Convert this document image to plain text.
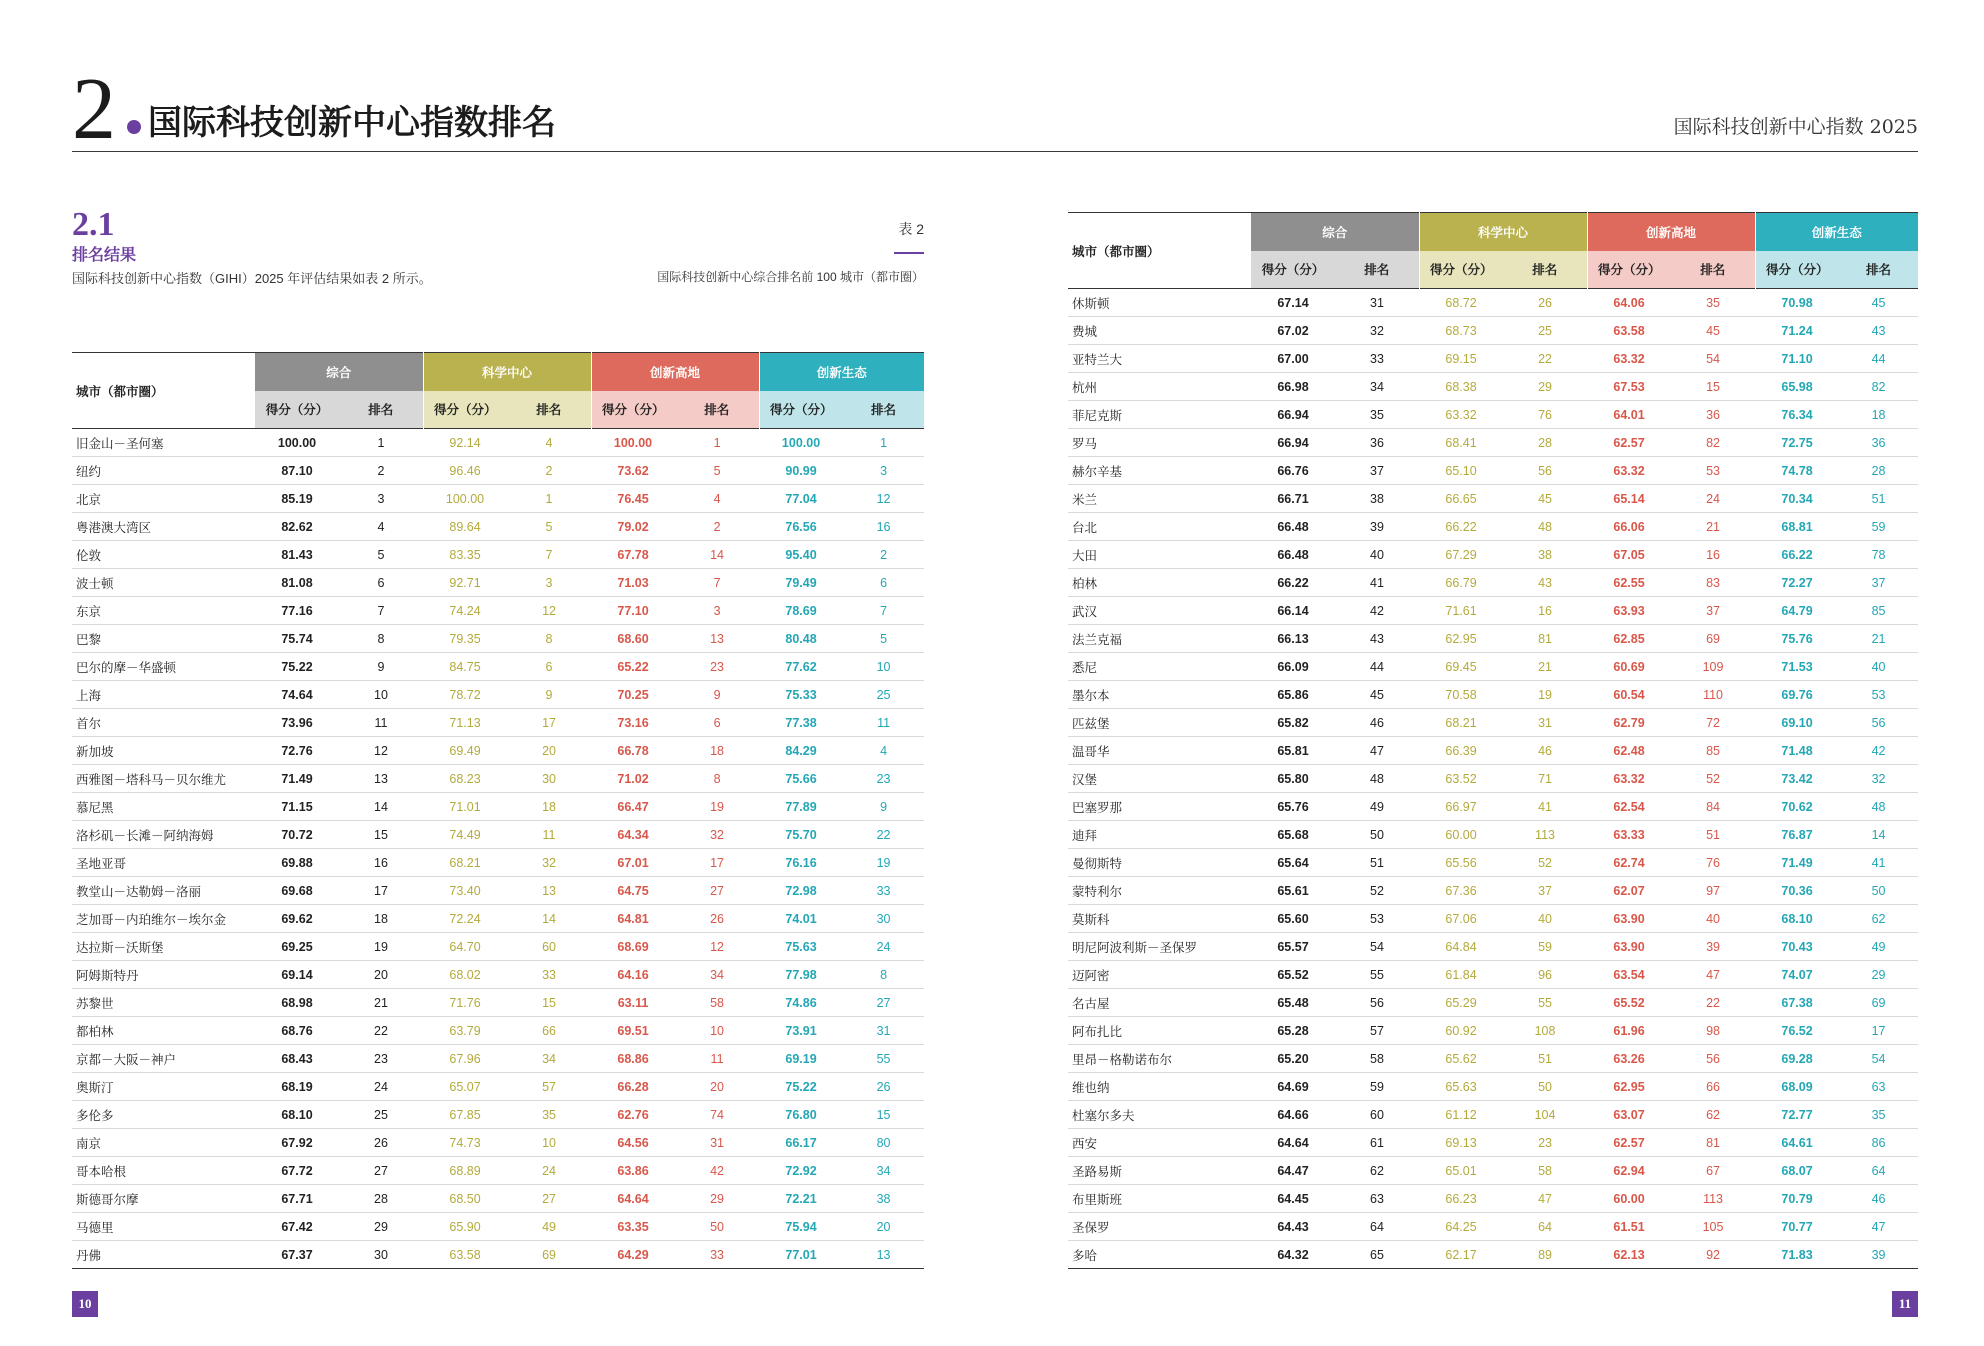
2 国际科技创新中心指数排名	国际科技创新中心指数 2025
2.1
排名结果
国际科技创新中心指数（GIHI）2025 年评估结果如表 2 所示。
表 2
国际科技创新中心综合排名前 100 城市（都市圈）
城市（都市圈）	综合		科学中心		创新高地		创新生态	
	得分（分）	排名	得分（分）	排名	得分（分）	排名	得分（分）	排名
旧金山－圣何塞	100.00	1	92.14	4	100.00	1	100.00	1
纽约	87.10	2	96.46	2	73.62	5	90.99	3
北京	85.19	3	100.00	1	76.45	4	77.04	12
粤港澳大湾区	82.62	4	89.64	5	79.02	2	76.56	16
伦敦	81.43	5	83.35	7	67.78	14	95.40	2
波士顿	81.08	6	92.71	3	71.03	7	79.49	6
东京	77.16	7	74.24	12	77.10	3	78.69	7
巴黎	75.74	8	79.35	8	68.60	13	80.48	5
巴尔的摩－华盛顿	75.22	9	84.75	6	65.22	23	77.62	10
上海	74.64	10	78.72	9	70.25	9	75.33	25
首尔	73.96	11	71.13	17	73.16	6	77.38	11
新加坡	72.76	12	69.49	20	66.78	18	84.29	4
西雅图－塔科马－贝尔维尤	71.49	13	68.23	30	71.02	8	75.66	23
慕尼黑	71.15	14	71.01	18	66.47	19	77.89	9
洛杉矶－长滩－阿纳海姆	70.72	15	74.49	11	64.34	32	75.70	22
圣地亚哥	69.88	16	68.21	32	67.01	17	76.16	19
教堂山－达勒姆－洛丽	69.68	17	73.40	13	64.75	27	72.98	33
芝加哥－内珀维尔－埃尔金	69.62	18	72.24	14	64.81	26	74.01	30
达拉斯－沃斯堡	69.25	19	64.70	60	68.69	12	75.63	24
阿姆斯特丹	69.14	20	68.02	33	64.16	34	77.98	8
苏黎世	68.98	21	71.76	15	63.11	58	74.86	27
都柏林	68.76	22	63.79	66	69.51	10	73.91	31
京都－大阪－神户	68.43	23	67.96	34	68.86	11	69.19	55
奥斯汀	68.19	24	65.07	57	66.28	20	75.22	26
多伦多	68.10	25	67.85	35	62.76	74	76.80	15
南京	67.92	26	74.73	10	64.56	31	66.17	80
哥本哈根	67.72	27	68.89	24	63.86	42	72.92	34
斯德哥尔摩	67.71	28	68.50	27	64.64	29	72.21	38
马德里	67.42	29	65.90	49	63.35	50	75.94	20
丹佛	67.37	30	63.58	69	64.29	33	77.01	13
城市（都市圈）	综合		科学中心		创新高地		创新生态	
	得分（分）	排名	得分（分）	排名	得分（分）	排名	得分（分）	排名
休斯顿	67.14	31	68.72	26	64.06	35	70.98	45
费城	67.02	32	68.73	25	63.58	45	71.24	43
亚特兰大	67.00	33	69.15	22	63.32	54	71.10	44
杭州	66.98	34	68.38	29	67.53	15	65.98	82
菲尼克斯	66.94	35	63.32	76	64.01	36	76.34	18
罗马	66.94	36	68.41	28	62.57	82	72.75	36
赫尔辛基	66.76	37	65.10	56	63.32	53	74.78	28
米兰	66.71	38	66.65	45	65.14	24	70.34	51
台北	66.48	39	66.22	48	66.06	21	68.81	59
大田	66.48	40	67.29	38	67.05	16	66.22	78
柏林	66.22	41	66.79	43	62.55	83	72.27	37
武汉	66.14	42	71.61	16	63.93	37	64.79	85
法兰克福	66.13	43	62.95	81	62.85	69	75.76	21
悉尼	66.09	44	69.45	21	60.69	109	71.53	40
墨尔本	65.86	45	70.58	19	60.54	110	69.76	53
匹兹堡	65.82	46	68.21	31	62.79	72	69.10	56
温哥华	65.81	47	66.39	46	62.48	85	71.48	42
汉堡	65.80	48	63.52	71	63.32	52	73.42	32
巴塞罗那	65.76	49	66.97	41	62.54	84	70.62	48
迪拜	65.68	50	60.00	113	63.33	51	76.87	14
曼彻斯特	65.64	51	65.56	52	62.74	76	71.49	41
蒙特利尔	65.61	52	67.36	37	62.07	97	70.36	50
莫斯科	65.60	53	67.06	40	63.90	40	68.10	62
明尼阿波利斯－圣保罗	65.57	54	64.84	59	63.90	39	70.43	49
迈阿密	65.52	55	61.84	96	63.54	47	74.07	29
名古屋	65.48	56	65.29	55	65.52	22	67.38	69
阿布扎比	65.28	57	60.92	108	61.96	98	76.52	17
里昂－格勒诺布尔	65.20	58	65.62	51	63.26	56	69.28	54
维也纳	64.69	59	65.63	50	62.95	66	68.09	63
杜塞尔多夫	64.66	60	61.12	104	63.07	62	72.77	35
西安	64.64	61	69.13	23	62.57	81	64.61	86
圣路易斯	64.47	62	65.01	58	62.94	67	68.07	64
布里斯班	64.45	63	66.23	47	60.00	113	70.79	46
圣保罗	64.43	64	64.25	64	61.51	105	70.77	47
多哈	64.32	65	62.17	89	62.13	92	71.83	39
10	11
